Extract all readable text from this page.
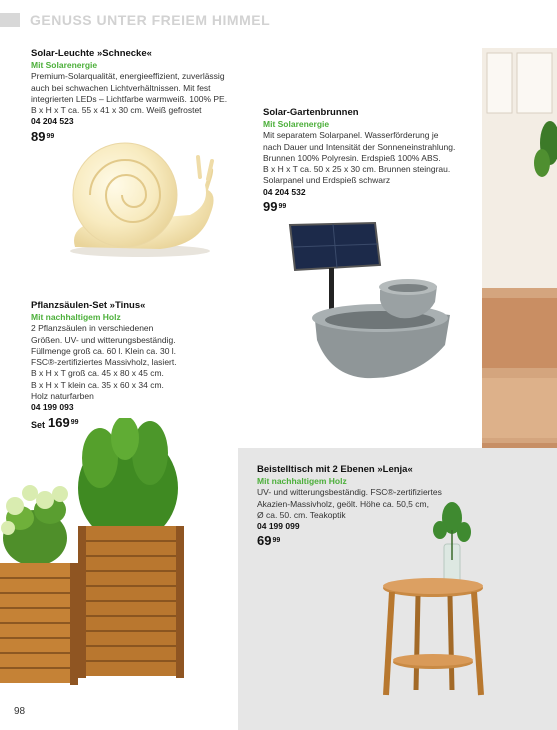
GENUSS UNTER FREIEM HIMMEL
Solar-Leuchte »Schnecke«
Mit Solarenergie
Premium-Solarqualität, energieeffizient, zuverlässig
auch bei schwachen Lichtverhältnissen. Mit fest
integrierten LEDs – Lichtfarbe warmweiß. 100% PE.
B x H x T ca. 55 x 41 x 30 cm. Weiß gefrostet
04 204 523
89 99
Solar-Gartenbrunnen
Mit Solarenergie
Mit separatem Solarpanel. Wasserförderung je
nach Dauer und Intensität der Sonneneinstrahlung.
Brunnen 100% Polyresin. Erdspieß 100% ABS.
B x H x T ca. 50 x 25 x 30 cm. Brunnen steingrau.
Solarpanel und Erdspieß schwarz
04 204 532
99 99
Pflanzsäulen-Set »Tinus«
Mit nachhaltigem Holz
2 Pflanzsäulen in verschiedenen
Größen. UV- und witterungsbeständig.
Füllmenge groß ca. 60 l. Klein ca. 30 l.
FSC®-zertifiziertes Massivholz, lasiert.
B x H x T groß ca. 45 x 80 x 45 cm.
B x H x T klein ca. 35 x 60 x 34 cm.
Holz naturfarben
04 199 093
Set 169 99
Beistelltisch mit 2 Ebenen »Lenja«
Mit nachhaltigem Holz
UV- und witterungsbeständig. FSC®-zertifiziertes
Akazien-Massivholz, geölt. Höhe ca. 50,5 cm,
Ø ca. 50. cm. Teakoptik
04 199 099
69 99
98
